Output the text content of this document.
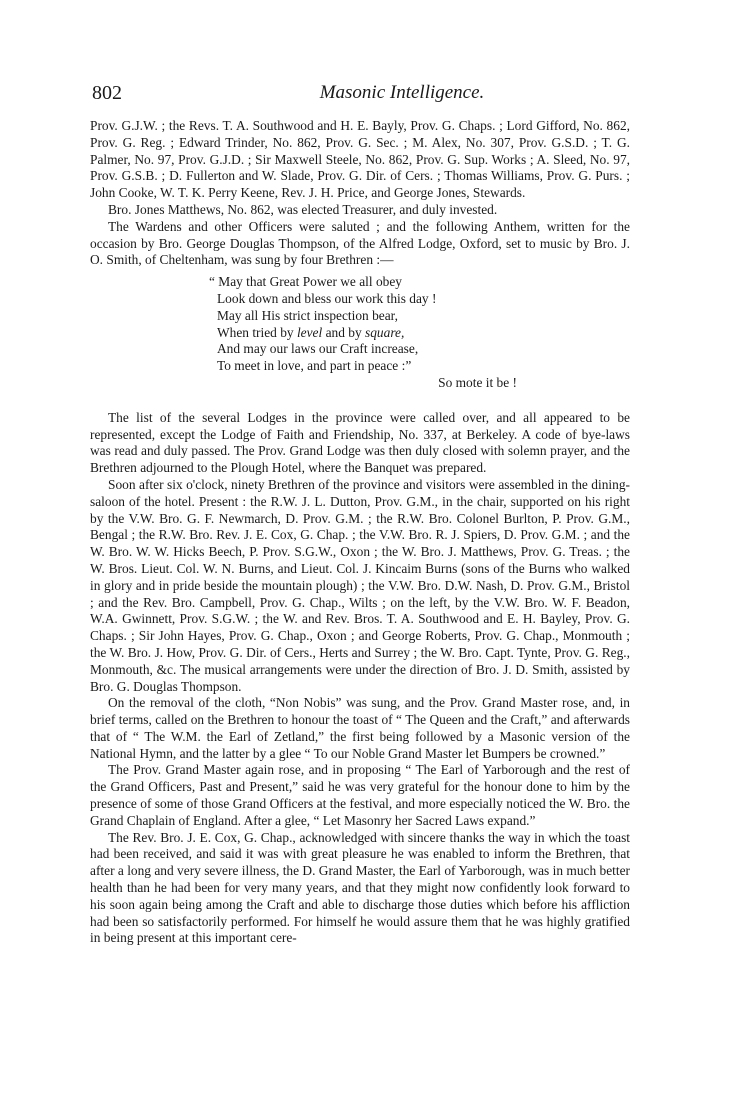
802	Masonic Intelligence.

Prov. G.J.W. ; the Revs. T. A. Southwood and H. E. Bayly, Prov. G. Chaps. ; Lord Gifford, No. 862, Prov. G. Reg. ; Edward Trinder, No. 862, Prov. G. Sec. ; M. Alex, No. 307, Prov. G.S.D. ; T. G. Palmer, No. 97, Prov. G.J.D. ; Sir Maxwell Steele, No. 862, Prov. G. Sup. Works ; A. Sleed, No. 97, Prov. G.S.B. ; D. Fullerton and W. Slade, Prov. G. Dir. of Cers. ; Thomas Williams, Prov. G. Purs. ; John Cooke, W. T. K. Perry Keene, Rev. J. H. Price, and George Jones, Stewards.

Bro. Jones Matthews, No. 862, was elected Treasurer, and duly invested.

The Wardens and other Officers were saluted ; and the following Anthem, written for the occasion by Bro. George Douglas Thompson, of the Alfred Lodge, Oxford, set to music by Bro. J. O. Smith, of Cheltenham, was sung by four Brethren :—

“ May that Great Power we all obey
Look down and bless our work this day !
May all His strict inspection bear,
When tried by level and by square,
And may our laws our Craft increase,
To meet in love, and part in peace :”
So mote it be !

The list of the several Lodges in the province were called over, and all appeared to be represented, except the Lodge of Faith and Friendship, No. 337, at Berkeley. A code of bye-laws was read and duly passed. The Prov. Grand Lodge was then duly closed with solemn prayer, and the Brethren adjourned to the Plough Hotel, where the Banquet was prepared.

Soon after six o'clock, ninety Brethren of the province and visitors were assembled in the dining-saloon of the hotel. Present : the R.W. J. L. Dutton, Prov. G.M., in the chair, supported on his right by the V.W. Bro. G. F. Newmarch, D. Prov. G.M. ; the R.W. Bro. Colonel Burlton, P. Prov. G.M., Bengal ; the R.W. Bro. Rev. J. E. Cox, G. Chap. ; the V.W. Bro. R. J. Spiers, D. Prov. G.M. ; and the W. Bro. W. W. Hicks Beech, P. Prov. S.G.W., Oxon ; the W. Bro. J. Matthews, Prov. G. Treas. ; the W. Bros. Lieut. Col. W. N. Burns, and Lieut. Col. J. Kincaim Burns (sons of the Burns who walked in glory and in pride beside the mountain plough) ; the V.W. Bro. D.W. Nash, D. Prov. G.M., Bristol ; and the Rev. Bro. Campbell, Prov. G. Chap., Wilts ; on the left, by the V.W. Bro. W. F. Beadon, W.A. Gwinnett, Prov. S.G.W. ; the W. and Rev. Bros. T. A. Southwood and E. H. Bayley, Prov. G. Chaps. ; Sir John Hayes, Prov. G. Chap., Oxon ; and George Roberts, Prov. G. Chap., Monmouth ; the W. Bro. J. How, Prov. G. Dir. of Cers., Herts and Surrey ; the W. Bro. Capt. Tynte, Prov. G. Reg., Monmouth, &c. The musical arrangements were under the direction of Bro. J. D. Smith, assisted by Bro. G. Douglas Thompson.

On the removal of the cloth, “Non Nobis” was sung, and the Prov. Grand Master rose, and, in brief terms, called on the Brethren to honour the toast of “ The Queen and the Craft,” and afterwards that of “ The W.M. the Earl of Zetland,” the first being followed by a Masonic version of the National Hymn, and the latter by a glee “ To our Noble Grand Master let Bumpers be crowned.”

The Prov. Grand Master again rose, and in proposing “ The Earl of Yarborough and the rest of the Grand Officers, Past and Present,” said he was very grateful for the honour done to him by the presence of some of those Grand Officers at the festival, and more especially noticed the W. Bro. the Grand Chaplain of England. After a glee, “ Let Masonry her Sacred Laws expand.”

The Rev. Bro. J. E. Cox, G. Chap., acknowledged with sincere thanks the way in which the toast had been received, and said it was with great pleasure he was enabled to inform the Brethren, that after a long and very severe illness, the D. Grand Master, the Earl of Yarborough, was in much better health than he had been for very many years, and that they might now confidently look forward to his soon again being among the Craft and able to discharge those duties which before his affliction had been so satisfactorily performed. For himself he would assure them that he was highly gratified in being present at this important cere-
